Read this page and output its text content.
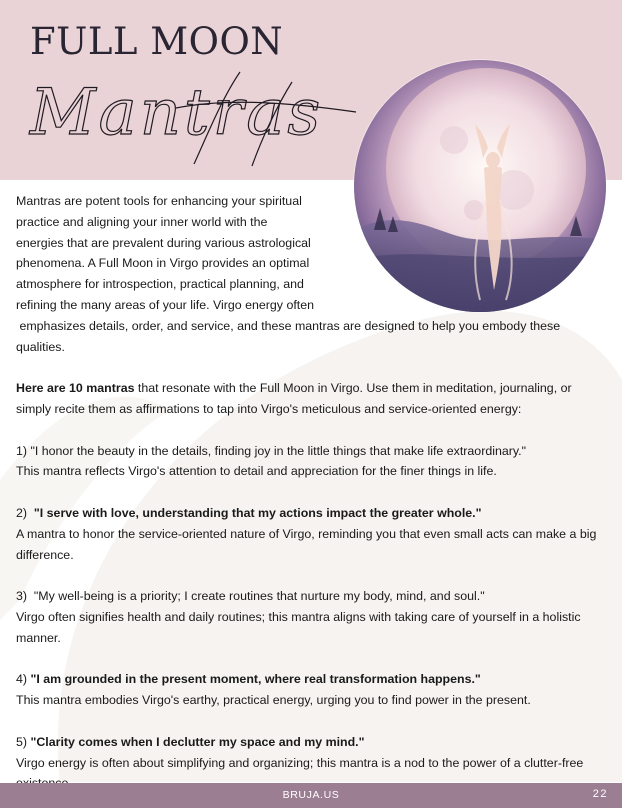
FULL MOON
Mantras
Mantras are potent tools for enhancing your spiritual
practice and aligning your inner world with the
energies that are prevalent during various astrological
phenomena. A Full Moon in Virgo provides an optimal
atmosphere for introspection, practical planning, and
refining the many areas of your life. Virgo energy often
emphasizes details, order, and service, and these mantras are designed to help you embody these qualities.

Here are 10 mantras that resonate with the Full Moon in Virgo. Use them in meditation, journaling, or simply recite them as affirmations to tap into Virgo's meticulous and service-oriented energy:

1) "I honor the beauty in the details, finding joy in the little things that make life extraordinary."

This mantra reflects Virgo's attention to detail and appreciation for the finer things in life.

2)  "I serve with love, understanding that my actions impact the greater whole."

A mantra to honor the service-oriented nature of Virgo, reminding you that even small acts can make a big difference.

3)  "My well-being is a priority; I create routines that nurture my body, mind, and soul."

Virgo often signifies health and daily routines; this mantra aligns with taking care of yourself in a holistic manner.

4) "I am grounded in the present moment, where real transformation happens."

This mantra embodies Virgo's earthy, practical energy, urging you to find power in the present.

5) "Clarity comes when I declutter my space and my mind."

Virgo energy is often about simplifying and organizing; this mantra is a nod to the power of a clutter-free

BRUJA.US	22
